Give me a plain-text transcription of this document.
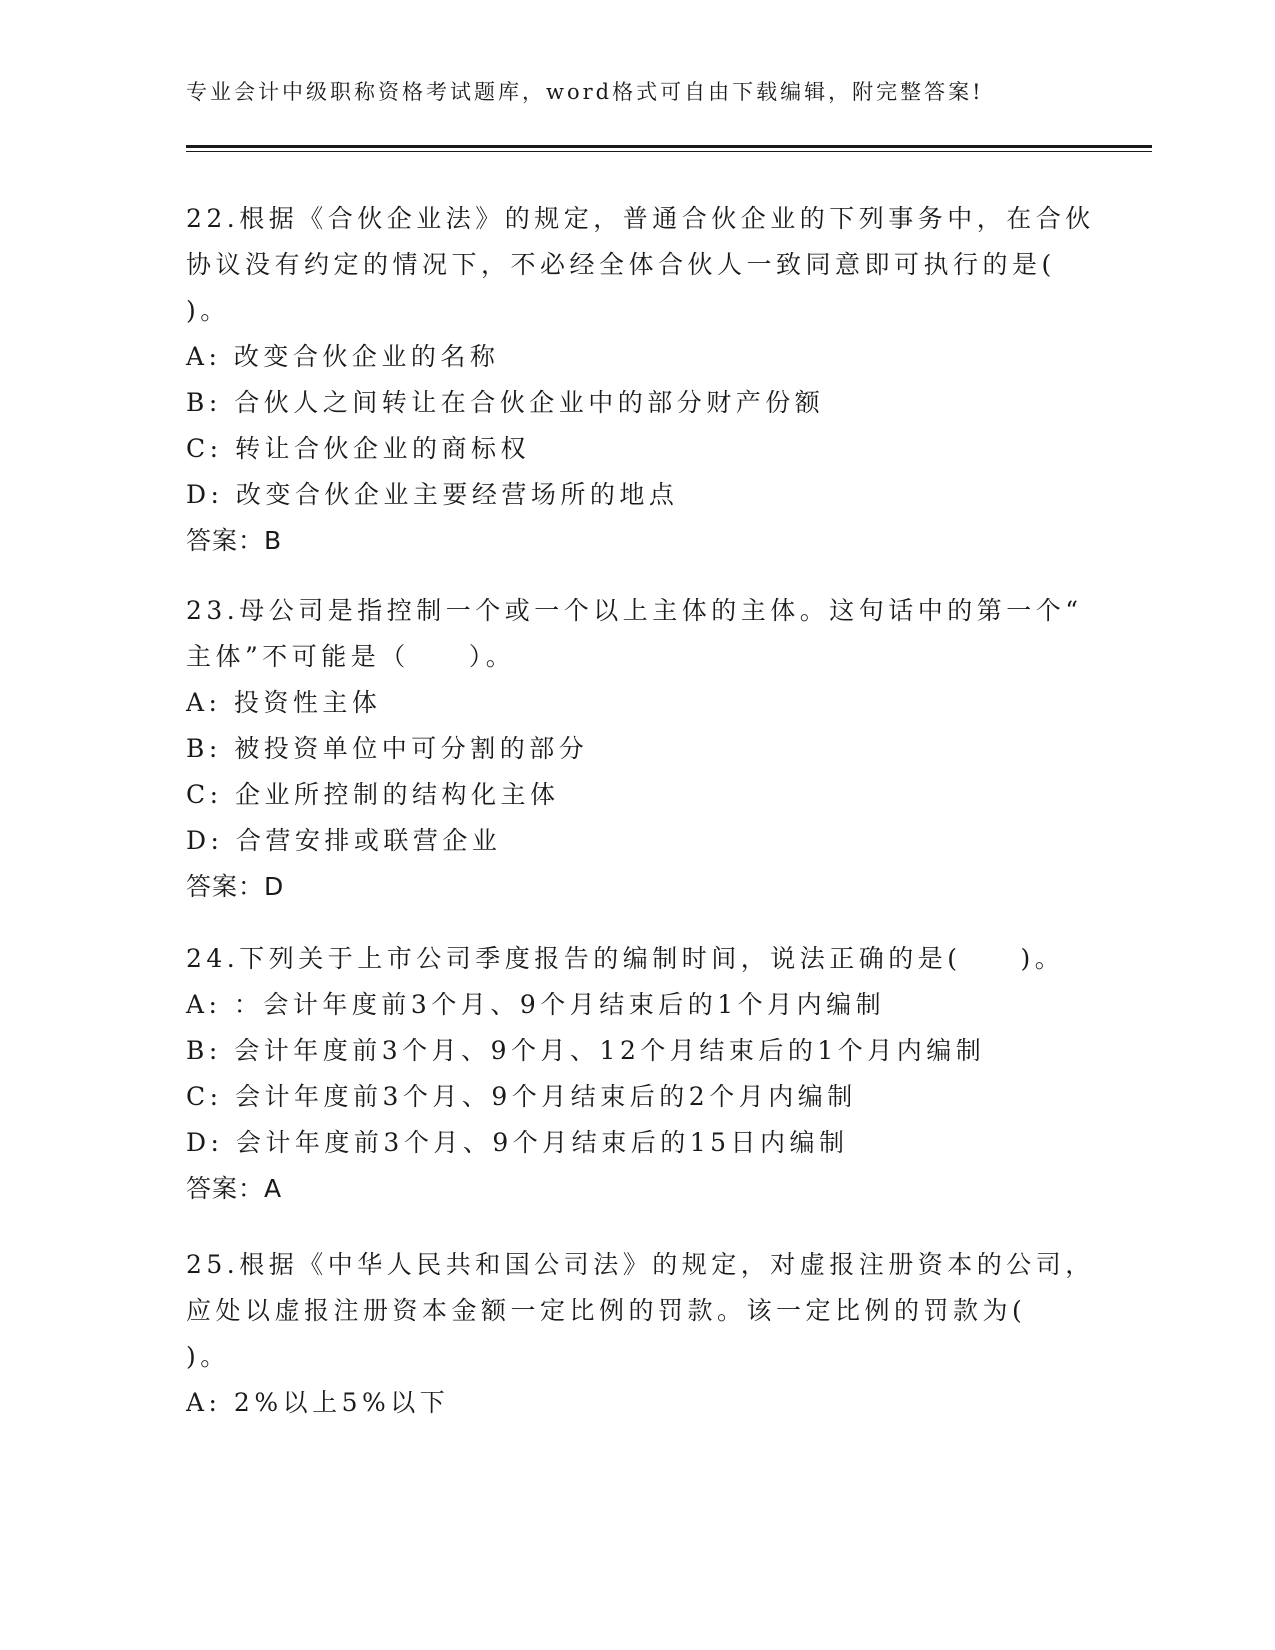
专业会计中级职称资格考试题库，word格式可自由下载编辑，附完整答案!
22.根据《合伙企业法》的规定，普通合伙企业的下列事务中，在合伙
协议没有约定的情况下，不必经全体合伙人一致同意即可执行的是(
)。
A: 改变合伙企业的名称
B: 合伙人之间转让在合伙企业中的部分财产份额
C: 转让合伙企业的商标权
D: 改变合伙企业主要经营场所的地点
答案：B
23.母公司是指控制一个或一个以上主体的主体。这句话中的第一个“
主体”不可能是（　　）。
A: 投资性主体
B: 被投资单位中可分割的部分
C: 企业所控制的结构化主体
D: 合营安排或联营企业
答案：D
24.下列关于上市公司季度报告的编制时间，说法正确的是(　　)。
A: ：会计年度前3个月、9个月结束后的1个月内编制
B: 会计年度前3个月、9个月、12个月结束后的1个月内编制
C: 会计年度前3个月、9个月结束后的2个月内编制
D: 会计年度前3个月、9个月结束后的15日内编制
答案：A
25.根据《中华人民共和国公司法》的规定，对虚报注册资本的公司，
应处以虚报注册资本金额一定比例的罚款。该一定比例的罚款为(
)。
A: 2%以上5%以下
